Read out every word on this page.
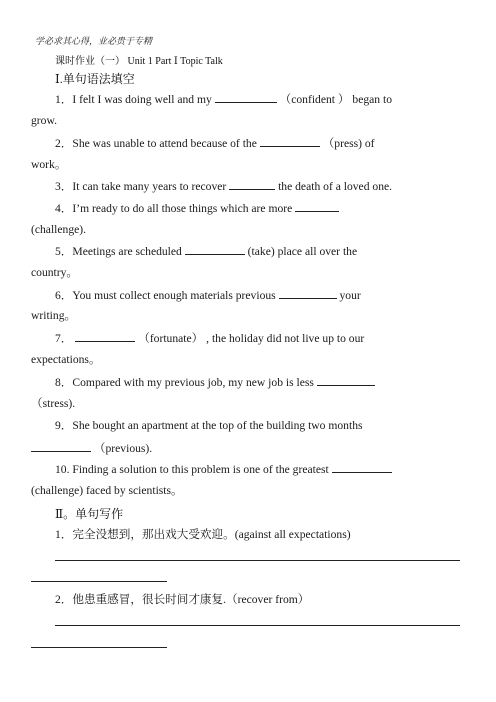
学必求其心得，业必贵于专精
课时作业（一） Unit 1 Part Ⅰ Topic Talk
Ⅰ.单句语法填空
1．I felt I was doing well and my	（confident ） began to
grow.
2．She was unable to attend because of the	（press) of
work。
3．It can take many years to recover	the death of a loved one.
4．I’m ready to do all those things which are more
(challenge).
5．Meetings are scheduled	(take) place all over the
country。
6．You must collect enough materials previous	your
writing。
7．	（fortunate） , the holiday did not live up to our
expectations。
8．Compared with my previous job, my new job is less
（stress).
9．She bought an apartment at the top of the building two months
（previous).
10. Finding a solution to this problem is one of the greatest
(challenge) faced by scientists。
Ⅱ。单句写作
1．完全没想到，那出戏大受欢迎。(against all expectations)
2．他患重感冒，很长时间才康复.（recover from）
